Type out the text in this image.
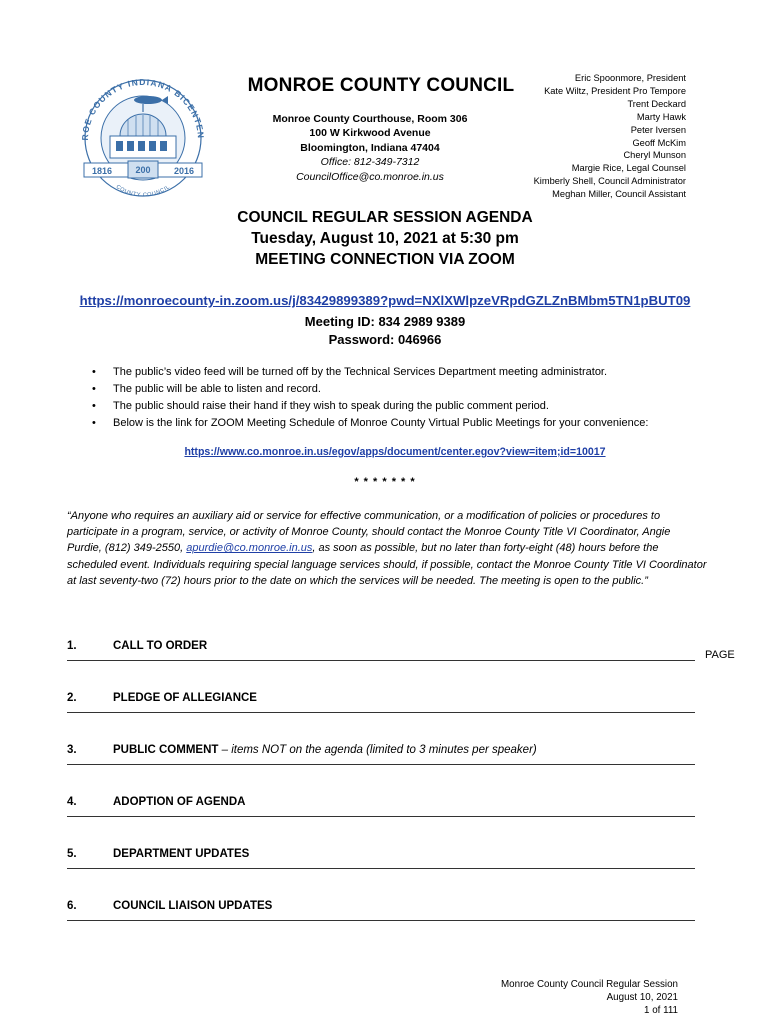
ROE COUNTY INDIANA BICENTEN
1816	200	2016
COUNTY COUNCIL
MONROE COUNTY COUNCIL
Monroe County Courthouse, Room 306
100 W Kirkwood Avenue
Bloomington, Indiana 47404
Office: 812-349-7312
CouncilOffice@co.monroe.in.us
Eric Spoonmore, President
Kate Wiltz, President Pro Tempore
Trent Deckard
Marty Hawk
Peter Iversen
Geoff McKim
Cheryl Munson
Margie Rice, Legal Counsel
Kimberly Shell, Council Administrator
Meghan Miller, Council Assistant
COUNCIL REGULAR SESSION AGENDA
Tuesday, August 10, 2021 at 5:30 pm
MEETING CONNECTION VIA ZOOM
https://monroecounty-in.zoom.us/j/83429899389?pwd=NXlXWlpzeVRpdGZLZnBMbm5TN1pBUT09
Meeting ID: 834 2989 9389
Password: 046966
• The public’s video feed will be turned off by the Technical Services Department meeting administrator.
• The public will be able to listen and record.
• The public should raise their hand if they wish to speak during the public comment period.
• Below is the link for ZOOM Meeting Schedule of Monroe County Virtual Public Meetings for your convenience:
https://www.co.monroe.in.us/egov/apps/document/center.egov?view=item;id=10017
* * * * * * *

“Anyone who requires an auxiliary aid or service for effective communication, or a modification of policies or procedures to participate in a program, service, or activity of Monroe County, should contact the Monroe County Title VI Coordinator, Angie Purdie, (812) 349-2550, apurdie@co.monroe.in.us, as soon as possible, but no later than forty-eight (48) hours before the scheduled event. Individuals requiring special language services should, if possible, contact the Monroe County Title VI Coordinator at last seventy-two (72) hours prior to the date on which the services will be needed. The meeting is open to the public.”

1.	CALL TO ORDER
PAGE
2.	PLEDGE OF ALLEGIANCE
3.	PUBLIC COMMENT – items NOT on the agenda (limited to 3 minutes per speaker)
4.	ADOPTION OF AGENDA
5.	DEPARTMENT UPDATES
6.	COUNCIL LIAISON UPDATES
Monroe County Council Regular Session
August 10, 2021
1 of 111
